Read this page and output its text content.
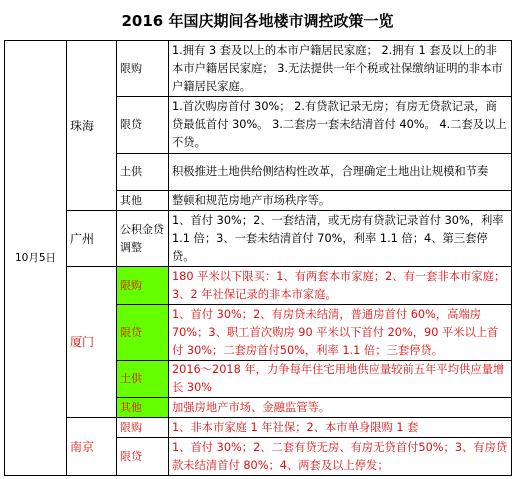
2016 年国庆期间各地楼市调控政策一览
10月5日	珠海	限购	1.拥有 3 套及以上的本市户籍居民家庭； 2.拥有 1 套及以上的非本市户籍居民家庭； 3.无法提供一年个税或社保缴纳证明的非本市户籍居民家庭。
		限贷	1.首次购房首付 30%； 2.有贷款记录无房；有房无贷款记录，商贷最低首付 30%。 3.二套房一套未结清首付 40%。 4.二套及以上不贷。
		土供	积极推进土地供给侧结构性改革，合理确定土地出让规模和节奏
		其他	整顿和规范房地产市场秩序等。
	广州	公积金贷调整	1、首付 30%；2、一套结清，或无房有贷款记录首付 30%，利率 1.1 倍；3、一套未结清首付 70%，利率 1.1 倍；4、第三套停贷。
	厦门	限购	180 平米以下限买：1、有两套本市家庭；2、有一套非本市家庭；3、2 年社保记录的非本市家庭。
		限贷	1、首付 30%；2、有房贷未结清，普通房首付 60%，高端房 70%；3、职工首次购房 90 平米以下首付 20%，90 平米以上首付 30%；二套房首付50%，利率 1.1 倍；三套停贷。
		土供	2016～2018 年，力争每年住宅用地供应量较前五年平均供应量增长 30%
		其他	加强房地产市场、金融监管等。
	南京	限购	1、非本市家庭 1 年社保；2、本市单身限购 1 套
		限贷	1、首付 30%；2、二套有贷无房、有房无贷首付50%；3、有房贷款未结清首付 80%；4、两套及以上停发；
